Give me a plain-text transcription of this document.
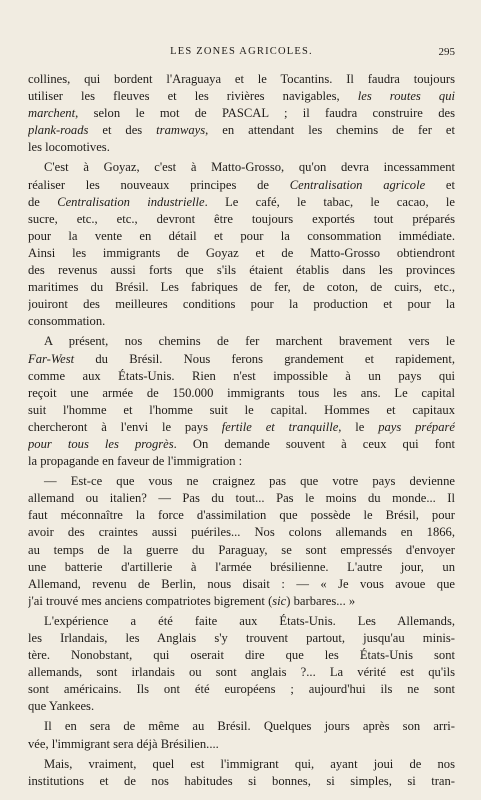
LES ZONES AGRICOLES.	295
collines, qui bordent l'Araguaya et le Tocantins. Il faudra toujours
utiliser les fleuves et les rivières navigables, les routes qui
marchent, selon le mot de PASCAL ; il faudra construire des
plank-roads et des tramways, en attendant les chemins de fer et
les locomotives.
C'est à Goyaz, c'est à Matto-Grosso, qu'on devra incessamment
réaliser les nouveaux principes de Centralisation agricole et
de Centralisation industrielle. Le café, le tabac, le cacao, le
sucre, etc., etc., devront être toujours exportés tout préparés
pour la vente en détail et pour la consommation immédiate.
Ainsi les immigrants de Goyaz et de Matto-Grosso obtiendront
des revenus aussi forts que s'ils étaient établis dans les provinces
maritimes du Brésil. Les fabriques de fer, de coton, de cuirs, etc.,
jouiront des meilleures conditions pour la production et pour la
consommation.
A présent, nos chemins de fer marchent bravement vers le
Far-West du Brésil. Nous ferons grandement et rapidement,
comme aux États-Unis. Rien n'est impossible à un pays qui
reçoit une armée de 150.000 immigrants tous les ans. Le capital
suit l'homme et l'homme suit le capital. Hommes et capitaux
chercheront à l'envi le pays fertile et tranquille, le pays préparé
pour tous les progrès. On demande souvent à ceux qui font
la propagande en faveur de l'immigration :
— Est-ce que vous ne craignez pas que votre pays devienne
allemand ou italien? — Pas du tout... Pas le moins du monde... Il
faut méconnaître la force d'assimilation que possède le Brésil, pour
avoir des craintes aussi puériles... Nos colons allemands en 1866,
au temps de la guerre du Paraguay, se sont empressés d'envoyer
une batterie d'artillerie à l'armée brésilienne. L'autre jour, un
Allemand, revenu de Berlin, nous disait : — « Je vous avoue que
j'ai trouvé mes anciens compatriotes bigrement (sic) barbares... »
L'expérience a été faite aux États-Unis. Les Allemands,
les Irlandais, les Anglais s'y trouvent partout, jusqu'au minis-
tère. Nonobstant, qui oserait dire que les États-Unis sont
allemands, sont irlandais ou sont anglais ?... La vérité est qu'ils
sont américains. Ils ont été européens ; aujourd'hui ils ne sont
que Yankees.
Il en sera de même au Brésil. Quelques jours après son arri-
vée, l'immigrant sera déjà Brésilien....
Mais, vraiment, quel est l'immigrant qui, ayant joui de nos
institutions et de nos habitudes si bonnes, si simples, si tran-
